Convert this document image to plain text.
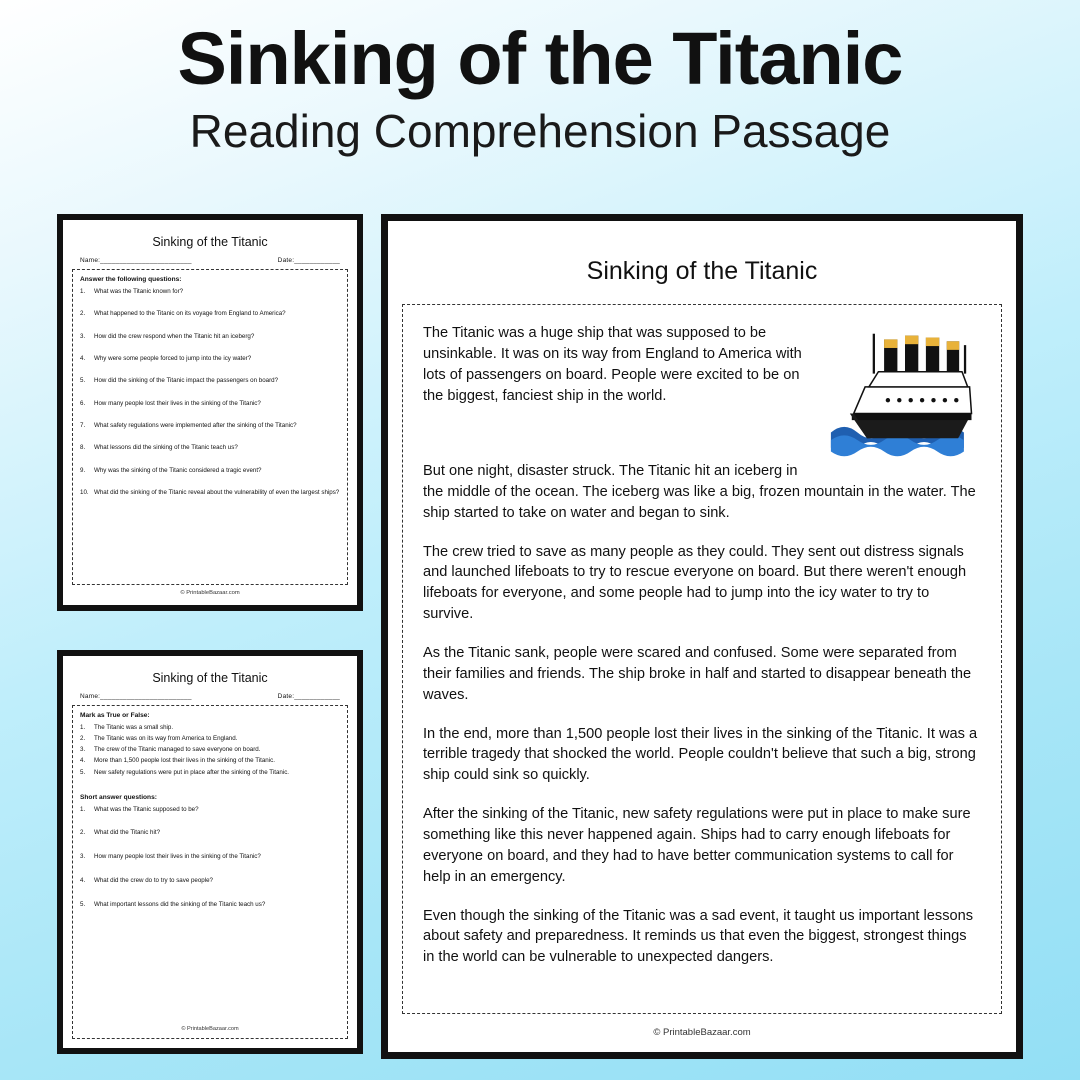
Sinking of the Titanic
Reading Comprehension Passage
Sinking of the Titanic
Name:________________________	Date:____________
Answer the following questions:
1.	What was the Titanic known for?
2.	What happened to the Titanic on its voyage from England to America?
3.	How did the crew respond when the Titanic hit an iceberg?
4.	Why were some people forced to jump into the icy water?
5.	How did the sinking of the Titanic impact the passengers on board?
6.	How many people lost their lives in the sinking of the Titanic?
7.	What safety regulations were implemented after the sinking of the Titanic?
8.	What lessons did the sinking of the Titanic teach us?
9.	Why was the sinking of the Titanic considered a tragic event?
10. What did the sinking of the Titanic reveal about the vulnerability of even the largest ships?
© PrintableBazaar.com
Sinking of the Titanic
Name:________________________	Date:____________
Mark as True or False:
1.	The Titanic was a small ship.
2.	The Titanic was on its way from America to England.
3.	The crew of the Titanic managed to save everyone on board.
4.	More than 1,500 people lost their lives in the sinking of the Titanic.
5.	New safety regulations were put in place after the sinking of the Titanic.
Short answer questions:
1.	What was the Titanic supposed to be?
2.	What did the Titanic hit?
3.	How many people lost their lives in the sinking of the Titanic?
4.	What did the crew do to try to save people?
5.	What important lessons did the sinking of the Titanic teach us?
© PrintableBazaar.com
Sinking of the Titanic

The Titanic was a huge ship that was supposed to be unsinkable. It was on its way from England to America with lots of passengers on board. People were excited to be on the biggest, fanciest ship in the world.

But one night, disaster struck. The Titanic hit an iceberg in the middle of the ocean. The iceberg was like a big, frozen mountain in the water. The ship started to take on water and began to sink.

The crew tried to save as many people as they could. They sent out distress signals and launched lifeboats to try to rescue everyone on board. But there weren't enough lifeboats for everyone, and some people had to jump into the icy water to try to survive.

As the Titanic sank, people were scared and confused. Some were separated from their families and friends. The ship broke in half and started to disappear beneath the waves.

In the end, more than 1,500 people lost their lives in the sinking of the Titanic. It was a terrible tragedy that shocked the world. People couldn't believe that such a big, strong ship could sink so quickly.

After the sinking of the Titanic, new safety regulations were put in place to make sure something like this never happened again. Ships had to carry enough lifeboats for everyone on board, and they had to have better communication systems to call for help in an emergency.

Even though the sinking of the Titanic was a sad event, it taught us important lessons about safety and preparedness. It reminds us that even the biggest, strongest things in the world can be vulnerable to unexpected dangers.

© PrintableBazaar.com
